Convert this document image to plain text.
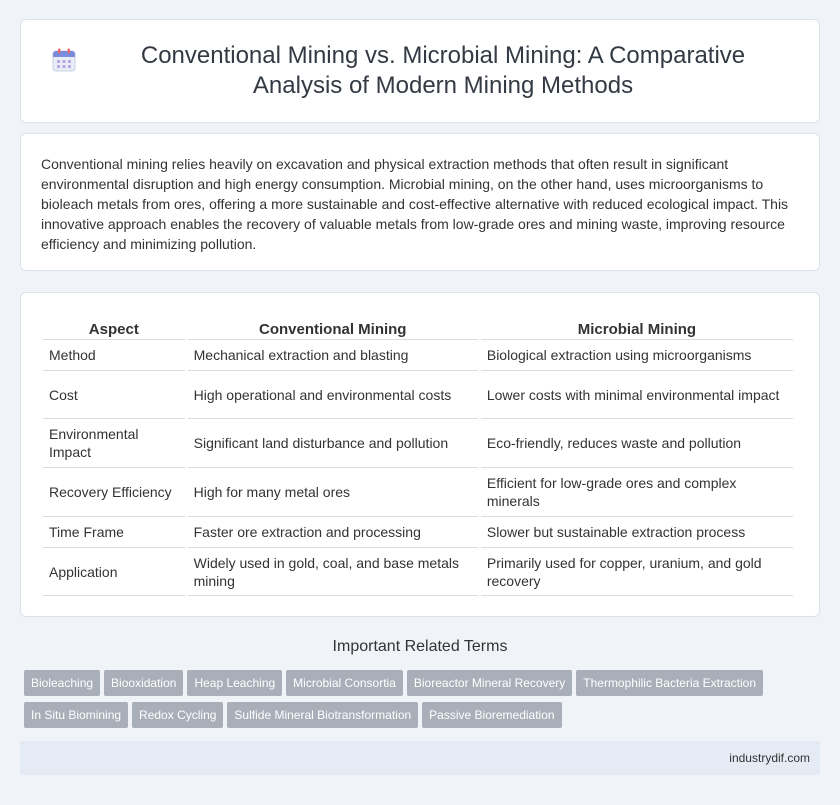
Conventional Mining vs. Microbial Mining: A Comparative Analysis of Modern Mining Methods

Conventional mining relies heavily on excavation and physical extraction methods that often result in significant environmental disruption and high energy consumption. Microbial mining, on the other hand, uses microorganisms to bioleach metals from ores, offering a more sustainable and cost-effective alternative with reduced ecological impact. This innovative approach enables the recovery of valuable metals from low-grade ores and mining waste, improving resource efficiency and minimizing pollution.

Aspect	Conventional Mining	Microbial Mining
Method	Mechanical extraction and blasting	Biological extraction using microorganisms
Cost	High operational and environmental costs	Lower costs with minimal environmental impact
Environmental Impact	Significant land disturbance and pollution	Eco-friendly, reduces waste and pollution
Recovery Efficiency	High for many metal ores	Efficient for low-grade ores and complex minerals
Time Frame	Faster ore extraction and processing	Slower but sustainable extraction process
Application	Widely used in gold, coal, and base metals mining	Primarily used for copper, uranium, and gold recovery
Important Related Terms
Bioleaching Biooxidation Heap Leaching Microbial Consortia Bioreactor Mineral Recovery Thermophilic Bacteria ExtractionIn Situ Biomining Redox Cycling Sulfide Mineral Biotransformation Passive Bioremediation
industrydif.com
